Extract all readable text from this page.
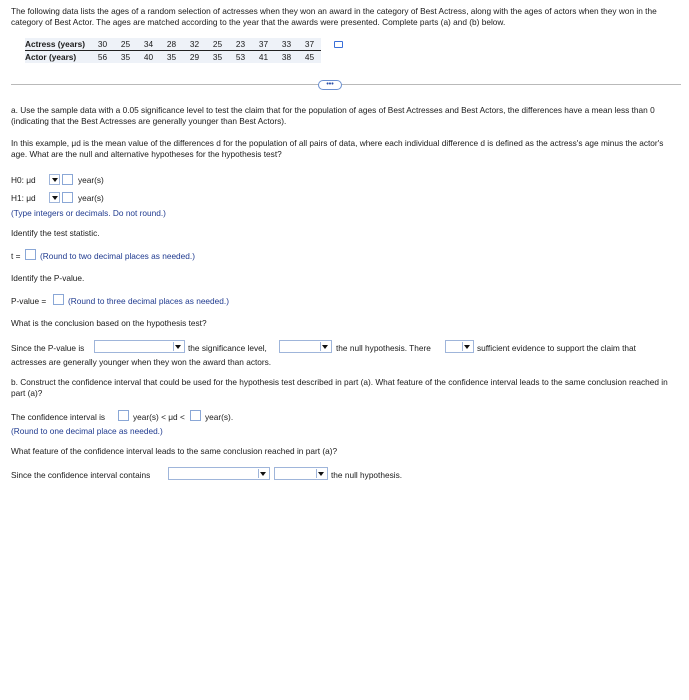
The following data lists the ages of a random selection of actresses when they won an award in the category of Best Actress, along with the ages of actors when they won in the category of Best Actor. The ages are matched according to the year that the awards were presented. Complete parts (a) and (b) below.
Actress (years)	30	25	34	28	32	25	23	37	33	37
Actor (years)	56	35	40	35	29	35	53	41	38	45
•••
a. Use the sample data with a 0.05 significance level to test the claim that for the population of ages of Best Actresses and Best Actors, the differences have a mean less than 0 (indicating that the Best Actresses are generally younger than Best Actors).
In this example, μd is the mean value of the differences d for the population of all pairs of data, where each individual difference d is defined as the actress's age minus the actor's age. What are the null and alternative hypotheses for the hypothesis test?
H0: μd	year(s)
H1: μd	year(s)
(Type integers or decimals. Do not round.)
Identify the test statistic.
t = (Round to two decimal places as needed.)
Identify the P-value.
P-value =	(Round to three decimal places as needed.)
What is the conclusion based on the hypothesis test?
Since the P-value is	the significance level,	the null hypothesis. There	sufficient evidence to support the claim that
actresses are generally younger when they won the award than actors.
b. Construct the confidence interval that could be used for the hypothesis test described in part (a). What feature of the confidence interval leads to the same conclusion reached in part (a)?
The confidence interval is	year(s) < μd < year(s).
(Round to one decimal place as needed.)
What feature of the confidence interval leads to the same conclusion reached in part (a)?
Since the confidence interval contains	the null hypothesis.
